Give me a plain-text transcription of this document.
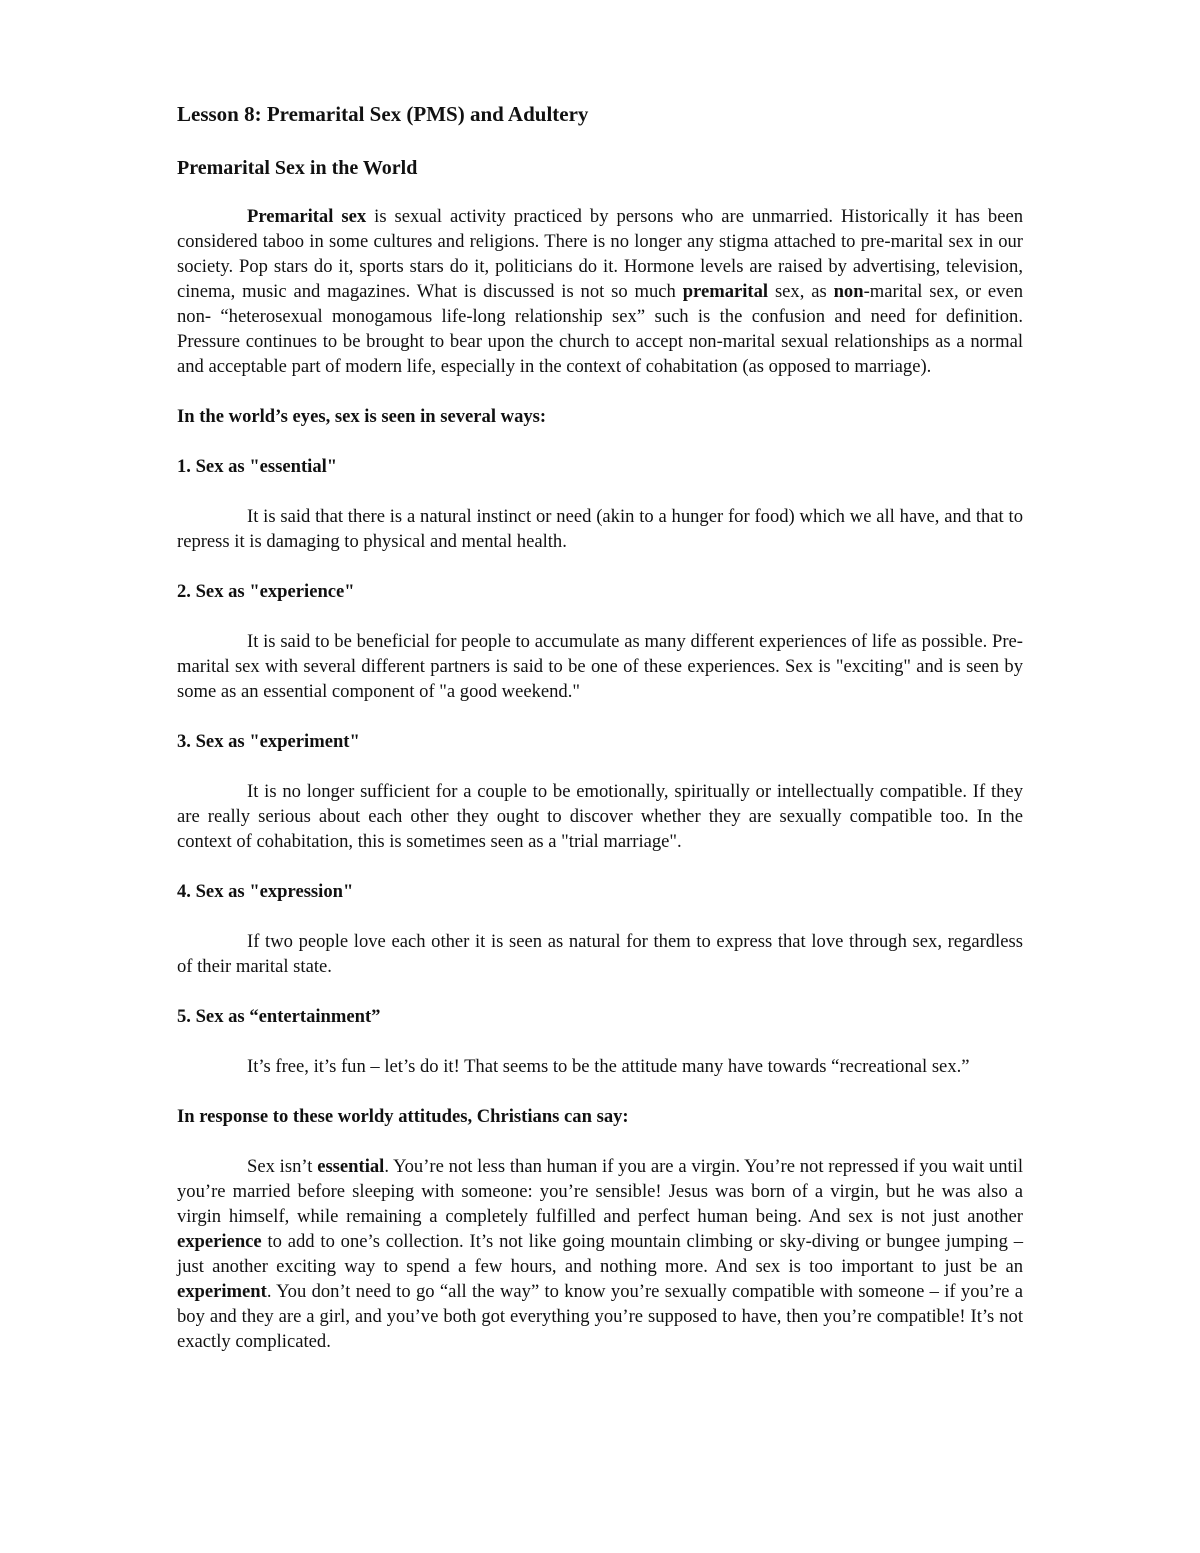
Lesson 8: Premarital Sex (PMS) and Adultery
Premarital Sex in the World

Premarital sex is sexual activity practiced by persons who are unmarried. Historically it has been considered taboo in some cultures and religions. There is no longer any stigma attached to pre-marital sex in our society. Pop stars do it, sports stars do it, politicians do it. Hormone levels are raised by advertising, television, cinema, music and magazines. What is discussed is not so much premarital sex, as non-marital sex, or even non- “heterosexual monogamous life-long relationship sex” such is the confusion and need for definition. Pressure continues to be brought to bear upon the church to accept non-marital sexual relationships as a normal and acceptable part of modern life, especially in the context of cohabitation (as opposed to marriage).

In the world’s eyes, sex is seen in several ways:
1. Sex as "essential"

It is said that there is a natural instinct or need (akin to a hunger for food) which we all have, and that to repress it is damaging to physical and mental health.

2. Sex as "experience"

It is said to be beneficial for people to accumulate as many different experiences of life as possible. Pre-marital sex with several different partners is said to be one of these experiences. Sex is "exciting" and is seen by some as an essential component of "a good weekend."

3. Sex as "experiment"

It is no longer sufficient for a couple to be emotionally, spiritually or intellectually compatible. If they are really serious about each other they ought to discover whether they are sexually compatible too. In the context of cohabitation, this is sometimes seen as a "trial marriage".

4. Sex as "expression"

If two people love each other it is seen as natural for them to express that love through sex, regardless of their marital state.

5. Sex as “entertainment”

It’s free, it’s fun – let’s do it! That seems to be the attitude many have towards “recreational sex.”

In response to these worldy attitudes, Christians can say:

Sex isn’t essential. You’re not less than human if you are a virgin. You’re not repressed if you wait until you’re married before sleeping with someone: you’re sensible! Jesus was born of a virgin, but he was also a virgin himself, while remaining a completely fulfilled and perfect human being. And sex is not just another experience to add to one’s collection. It’s not like going mountain climbing or sky-diving or bungee jumping – just another exciting way to spend a few hours, and nothing more. And sex is too important to just be an experiment. You don’t need to go “all the way” to know you’re sexually compatible with someone – if you’re a boy and they are a girl, and you’ve both got everything you’re supposed to have, then you’re compatible! It’s not exactly complicated.
